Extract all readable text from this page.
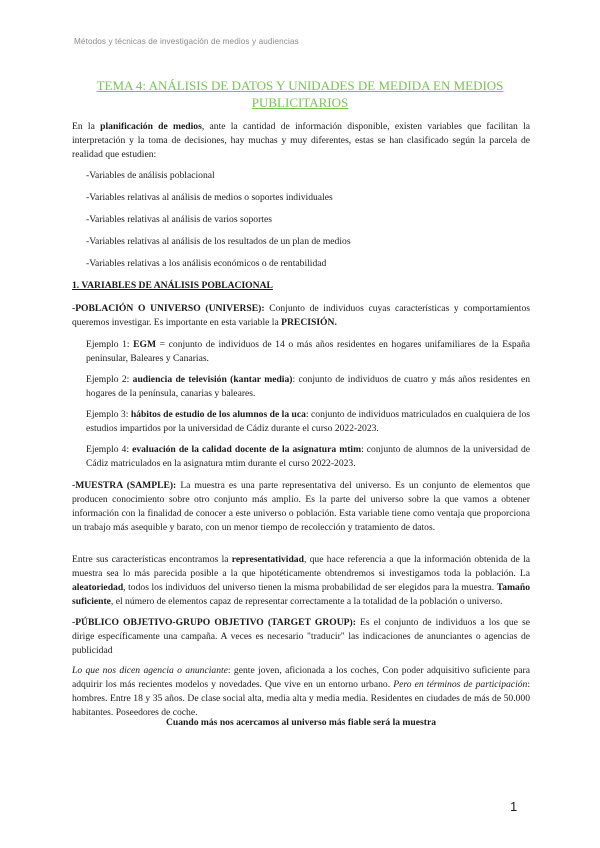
Métodos y técnicas de investigación de medios y audiencias
TEMA 4: ANÁLISIS DE DATOS Y UNIDADES DE MEDIDA EN MEDIOS PUBLICITARIOS
En la planificación de medios, ante la cantidad de información disponible, existen variables que facilitan la interpretación y la toma de decisiones, hay muchas y muy diferentes, estas se han clasificado según la parcela de realidad que estudien:
-Variables de análisis poblacional
-Variables relativas al análisis de medios o soportes individuales
-Variables relativas al análisis de varios soportes
-Variables relativas al análisis de los resultados de un plan de medios
-Variables relativas a los análisis económicos o de rentabilidad
1. VARIABLES DE ANÁLISIS POBLACIONAL
-POBLACIÓN O UNIVERSO (UNIVERSE): Conjunto de individuos cuyas características y comportamientos queremos investigar. Es importante en esta variable la PRECISIÓN.
Ejemplo 1: EGM = conjunto de individuos de 14 o más años residentes en hogares unifamiliares de la España peninsular, Baleares y Canarias.
Ejemplo 2: audiencia de televisión (kantar media): conjunto de individuos de cuatro y más años residentes en hogares de la península, canarias y baleares.
Ejemplo 3: hábitos de estudio de los alumnos de la uca: conjunto de individuos matriculados en cualquiera de los estudios impartidos por la universidad de Cádiz durante el curso 2022-2023.
Ejemplo 4: evaluación de la calidad docente de la asignatura mtim: conjunto de alumnos de la universidad de Cádiz matriculados en la asignatura mtim durante el curso 2022-2023.
-MUESTRA (SAMPLE): La muestra es una parte representativa del universo. Es un conjunto de elementos que producen conocimiento sobre otro conjunto más amplio. Es la parte del universo sobre la que vamos a obtener información con la finalidad de conocer a este universo o población. Esta variable tiene como ventaja que proporciona un trabajo más asequible y barato, con un menor tiempo de recolección y tratamiento de datos.
Entre sus características encontramos la representatividad, que hace referencia a que la información obtenida de la muestra sea lo más parecida posible a la que hipotéticamente obtendremos si investigamos toda la población. La aleatoriedad, todos los individuos del universo tienen la misma probabilidad de ser elegidos para la muestra. Tamaño suficiente, el número de elementos capaz de representar correctamente a la totalidad de la población o universo.
-PÚBLICO OBJETIVO-GRUPO OBJETIVO (TARGET GROUP): Es el conjunto de individuos a los que se dirige específicamente una campaña. A veces es necesario "traducir" las indicaciones de anunciantes o agencias de publicidad
Lo que nos dicen agencia o anunciante: gente joven, aficionada a los coches, Con poder adquisitivo suficiente para adquirir los más recientes modelos y novedades. Que vive en un entorno urbano. Pero en términos de participación: hombres. Entre 18 y 35 años. De clase social alta, media alta y media media. Residentes en ciudades de más de 50.000 habitantes. Poseedores de coche.
Cuando más nos acercamos al universo más fiable será la muestra
1
